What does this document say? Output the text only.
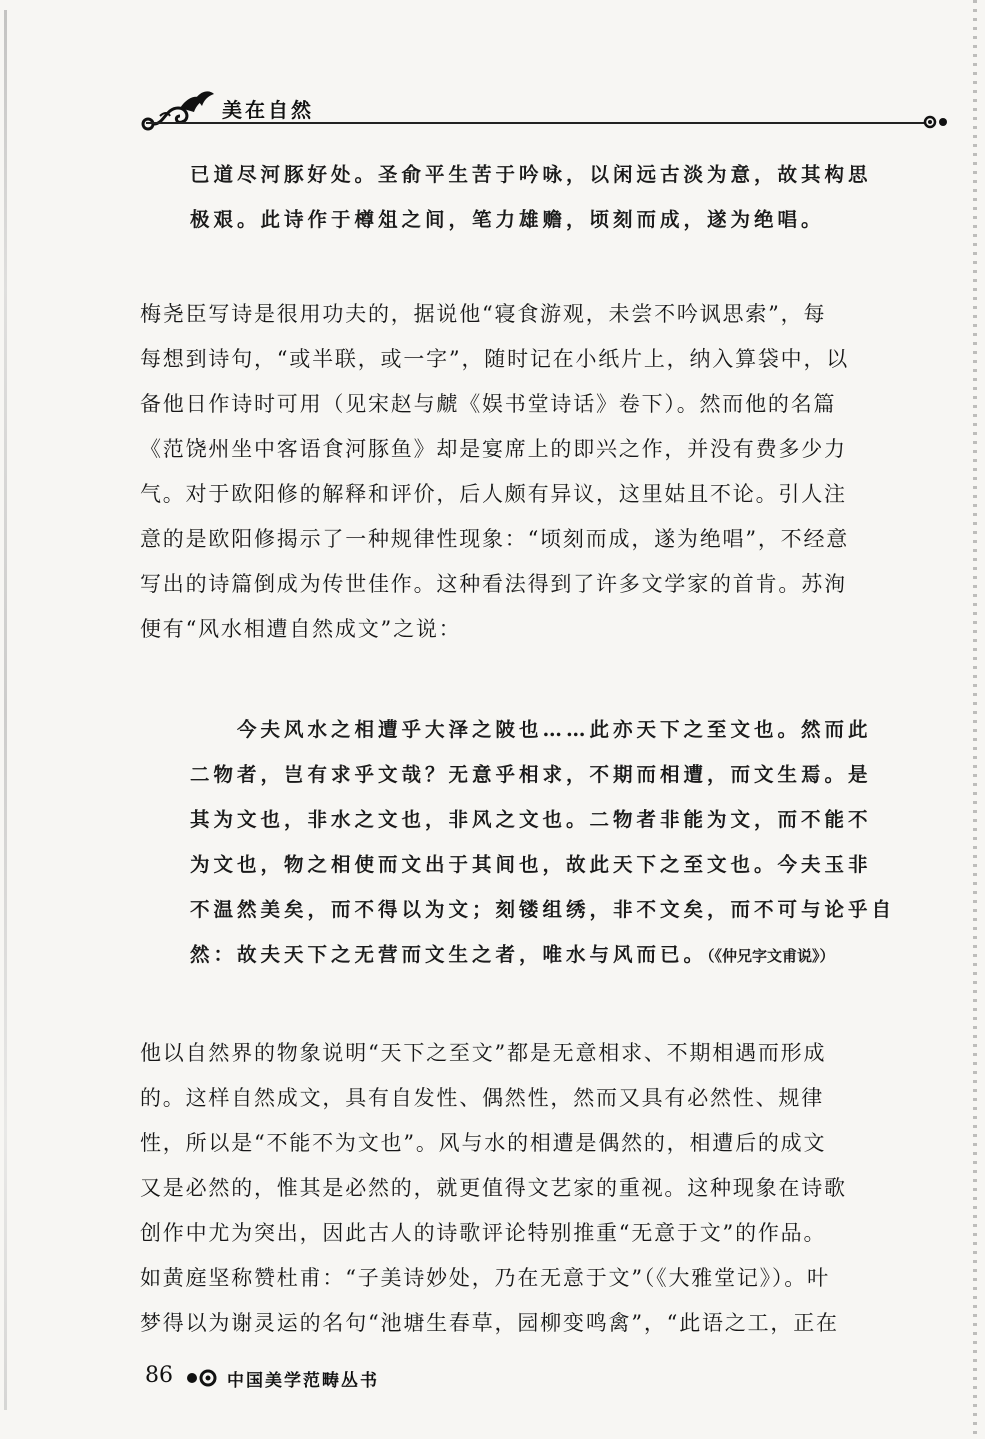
美在自然
已道尽河豚好处。圣俞平生苦于吟咏，以闲远古淡为意，故其构思
极艰。此诗作于樽俎之间，笔力雄赡，顷刻而成，遂为绝唱。
梅尧臣写诗是很用功夫的，据说他“寝食游观，未尝不吟讽思索”，每
每想到诗句，“或半联，或一字”，随时记在小纸片上，纳入算袋中，以
备他日作诗时可用（见宋赵与虤《娱书堂诗话》卷下）。然而他的名篇
《范饶州坐中客语食河豚鱼》却是宴席上的即兴之作，并没有费多少力
气。对于欧阳修的解释和评价，后人颇有异议，这里姑且不论。引人注
意的是欧阳修揭示了一种规律性现象：“顷刻而成，遂为绝唱”，不经意
写出的诗篇倒成为传世佳作。这种看法得到了许多文学家的首肯。苏洵
便有“风水相遭自然成文”之说：
　　今夫风水之相遭乎大泽之陂也……此亦天下之至文也。然而此
二物者，岂有求乎文哉？无意乎相求，不期而相遭，而文生焉。是
其为文也，非水之文也，非风之文也。二物者非能为文，而不能不
为文也，物之相使而文出于其间也，故此天下之至文也。今夫玉非
不温然美矣，而不得以为文；刻镂组绣，非不文矣，而不可与论乎自
然：故夫天下之无营而文生之者，唯水与风而已。（《仲兄字文甫说》）
他以自然界的物象说明“天下之至文”都是无意相求、不期相遇而形成
的。这样自然成文，具有自发性、偶然性，然而又具有必然性、规律
性，所以是“不能不为文也”。风与水的相遭是偶然的，相遭后的成文
又是必然的，惟其是必然的，就更值得文艺家的重视。这种现象在诗歌
创作中尤为突出，因此古人的诗歌评论特别推重“无意于文”的作品。
如黄庭坚称赞杜甫：“子美诗妙处，乃在无意于文”（《大雅堂记》）。叶
梦得以为谢灵运的名句“池塘生春草，园柳变鸣禽”，“此语之工，正在
86	中国美学范畴丛书
